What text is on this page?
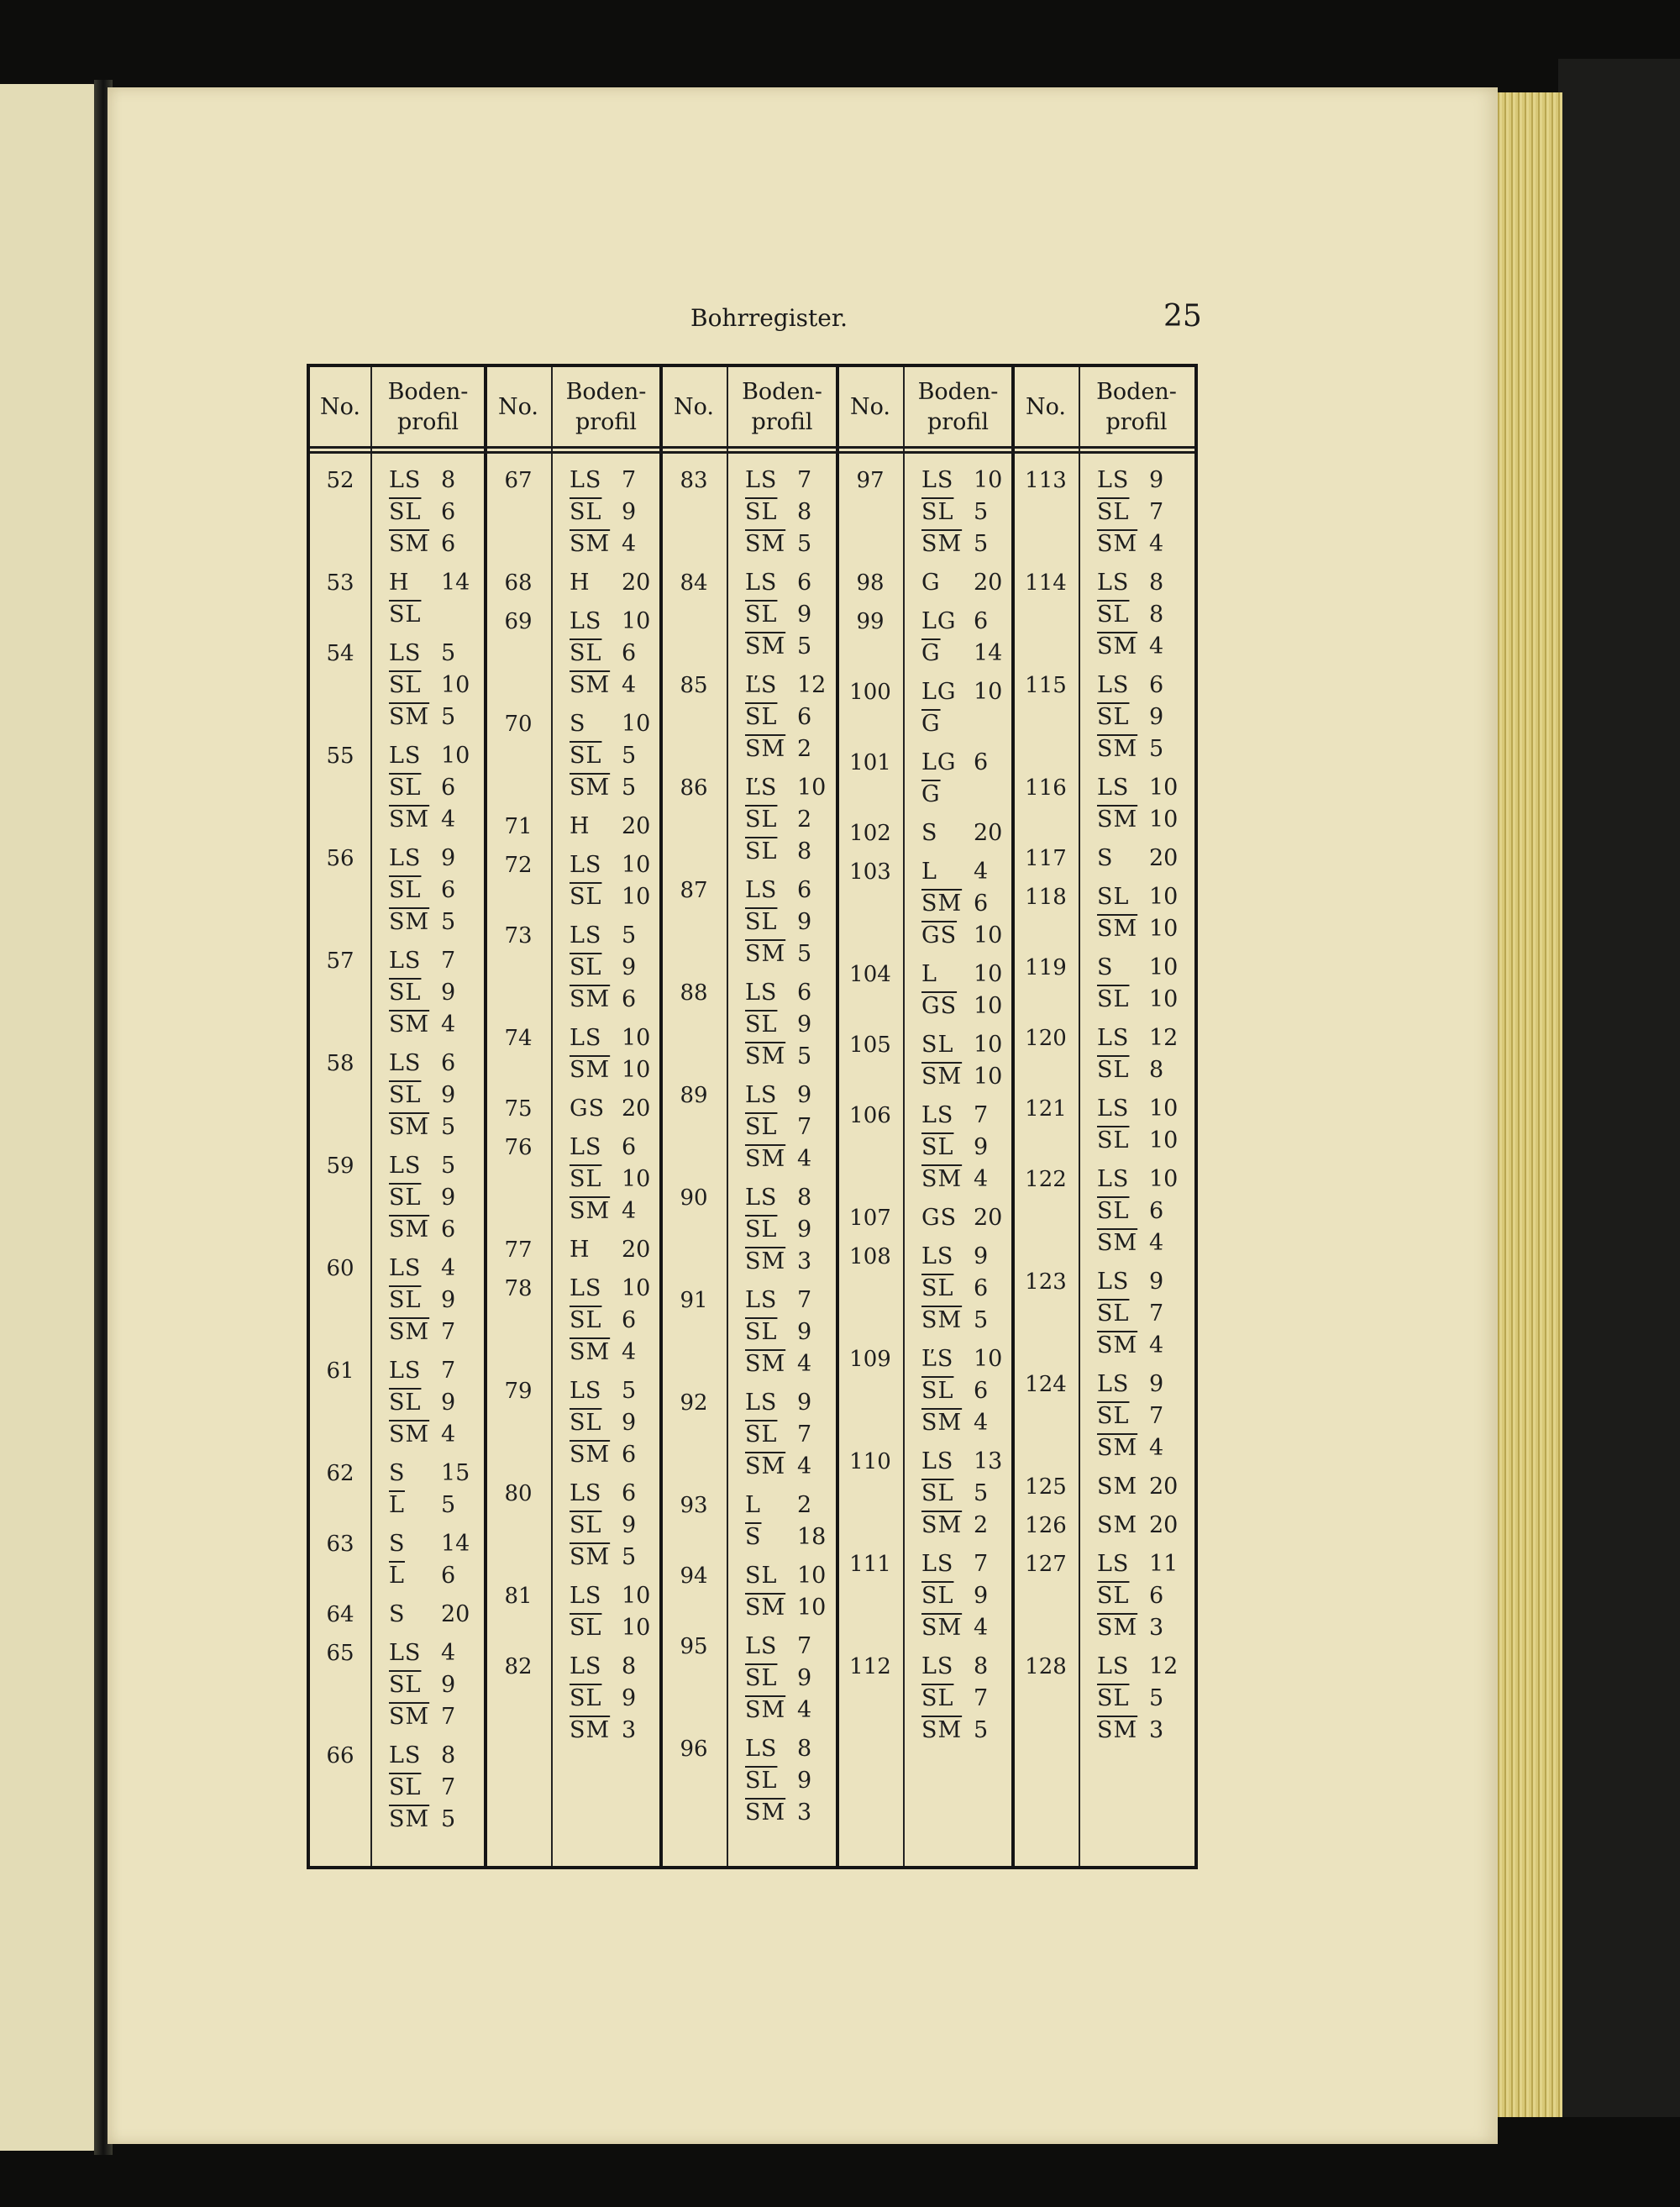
Bohrregister.	25
No.
Boden-
profil
52	LS 8
$\overline{SL}$ 6
$\overline{SM}$ 6
53	H 14
$\overline{SL}$
54	LS 5
$\overline{SL}$ 10
$\overline{SM}$ 5
55	LS 10
$\overline{SL}$ 6
$\overline{SM}$ 4
56	LS 9
$\overline{SL}$ 6
$\overline{SM}$ 5
57	LS 7
$\overline{SL}$ 9
$\overline{SM}$ 4
58	LS 6
$\overline{SL}$ 9
$\overline{SM}$ 5
59	LS 5
$\overline{SL}$ 9
$\overline{SM}$ 6
60	LS 4
$\overline{SL}$ 9
$\overline{SM}$ 7
61	LS 7
$\overline{SL}$ 9
$\overline{SM}$ 4
62	S 15
$\overline{L}$ 5
63	S 14
$\overline{L}$ 6
64	S 20
65	LS 4
$\overline{SL}$ 9
$\overline{SM}$ 7
66	LS 8
$\overline{SL}$ 7
$\overline{SM}$ 5
No.
Boden-
profil
67	LS 7
$\overline{SL}$ 9
$\overline{SM}$ 4
68	H 20
69	LS 10
$\overline{SL}$ 6
$\overline{SM}$ 4
70	S 10
$\overline{SL}$ 5
$\overline{SM}$ 5
71	H 20
72	LS 10
$\overline{SL}$ 10
73	LS 5
$\overline{SL}$ 9
$\overline{SM}$ 6
74	LS 10
$\overline{SM}$ 10
75	GS 20
76	LS 6
$\overline{SL}$ 10
$\overline{SM}$ 4
77	H 20
78	LS 10
$\overline{SL}$ 6
$\overline{SM}$ 4
79	LS 5
$\overline{SL}$ 9
$\overline{SM}$ 6
80	LS 6
$\overline{SL}$ 9
$\overline{SM}$ 5
81	LS 10
$\overline{SL}$ 10
82	LS 8
$\overline{SL}$ 9
$\overline{SM}$ 3
No.
Boden-
profil
83	LS 7
$\overline{SL}$ 8
$\overline{SM}$ 5
84	LS 6
$\overline{SL}$ 9
$\overline{SM}$ 5
85	ĽS 12
$\overline{SL}$ 6
$\overline{SM}$ 2
86	ĽS 10
$\overline{SL}$ 2
$\overline{SL}$ 8
87	LS 6
$\overline{SL}$ 9
$\overline{SM}$ 5
88	LS 6
$\overline{SL}$ 9
$\overline{SM}$ 5
89	LS 9
$\overline{SL}$ 7
$\overline{SM}$ 4
90	LS 8
$\overline{SL}$ 9
$\overline{SM}$ 3
91	LS 7
$\overline{SL}$ 9
$\overline{SM}$ 4
92	LS 9
$\overline{SL}$ 7
$\overline{SM}$ 4
93	L 2
$\overline{S}$ 18
94	SL 10
$\overline{SM}$ 10
95	LS 7
$\overline{SL}$ 9
$\overline{SM}$ 4
96	LS 8
$\overline{SL}$ 9
$\overline{SM}$ 3
No.
Boden-
profil
97	LS 10
$\overline{SL}$ 5
$\overline{SM}$ 5
98	G 20
99	LG 6
$\overline{G}$ 14
100	LG 10
$\overline{G}$
101	LG 6
$\overline{G}$
102	S 20
103	L 4
$\overline{SM}$ 6
$\overline{GS}$ 10
104	L 10
$\overline{GS}$ 10
105	SL 10
$\overline{SM}$ 10
106	LS 7
$\overline{SL}$ 9
$\overline{SM}$ 4
107	GS 20
108	LS 9
$\overline{SL}$ 6
$\overline{SM}$ 5
109	ĽS 10
$\overline{SL}$ 6
$\overline{SM}$ 4
110	LS 13
$\overline{SL}$ 5
$\overline{SM}$ 2
111	LS 7
$\overline{SL}$ 9
$\overline{SM}$ 4
112	LS 8
$\overline{SL}$ 7
$\overline{SM}$ 5
No.
Boden-
profil
113	LS 9
$\overline{SL}$ 7
$\overline{SM}$ 4
114	LS 8
$\overline{SL}$ 8
$\overline{SM}$ 4
115	LS 6
$\overline{SL}$ 9
$\overline{SM}$ 5
116	LS 10
$\overline{SM}$ 10
117	S 20
118	SL 10
$\overline{SM}$ 10
119	S 10
$\overline{SL}$ 10
120	LS 12
$\overline{SL}$ 8
121	LS 10
$\overline{SL}$ 10
122	LS 10
$\overline{SL}$ 6
$\overline{SM}$ 4
123	LS 9
$\overline{SL}$ 7
$\overline{SM}$ 4
124	LS 9
$\overline{SL}$ 7
$\overline{SM}$ 4
125	SM 20
126	SM 20
127	LS 11
$\overline{SL}$ 6
$\overline{SM}$ 3
128	LS 12
$\overline{SL}$ 5
$\overline{SM}$ 3
